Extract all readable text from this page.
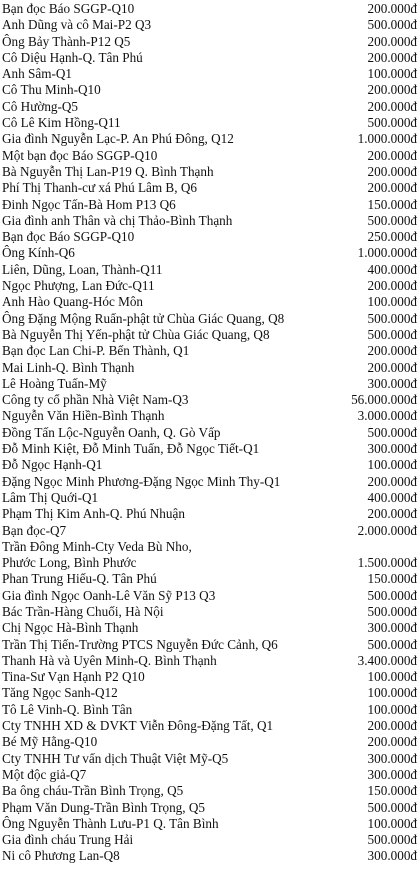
Bạn đọc Báo SGGP-Q10	200.000đ
Anh Dũng và cô Mai-P2 Q3	500.000đ
Ông Bảy Thành-P12 Q5	200.000đ
Cô Diệu Hạnh-Q. Tân Phú	200.000đ
Anh Sâm-Q1	100.000đ
Cô Thu Minh-Q10	200.000đ
Cô Hường-Q5	200.000đ
Cô Lê Kim Hồng-Q11	500.000đ
Gia đình Nguyễn Lạc-P. An Phú Đông, Q12	1.000.000đ
Một bạn đọc Báo SGGP-Q10	200.000đ
Bà Nguyễn Thị Lan-P19 Q. Bình Thạnh	200.000đ
Phí Thị Thanh-cư xá Phú Lâm B, Q6	200.000đ
Đinh Ngọc Tấn-Bà Hom P13 Q6	150.000đ
Gia đình anh Thân và chị Thảo-Bình Thạnh	500.000đ
Bạn đọc Báo SGGP-Q10	250.000đ
Ông Kính-Q6	1.000.000đ
Liên, Dũng, Loan, Thành-Q11	400.000đ
Ngọc Phượng, Lan Đức-Q11	200.000đ
Anh Hào Quang-Hóc Môn	100.000đ
Ông Đặng Mộng Ruẩn-phật tử Chùa Giác Quang, Q8	500.000đ
Bà Nguyễn Thị Yến-phật tử Chùa Giác Quang, Q8	500.000đ
Bạn đọc Lan Chi-P. Bến Thành, Q1	200.000đ
Mai Linh-Q. Bình Thạnh	200.000đ
Lê Hoàng Tuấn-Mỹ	300.000đ
Công ty cổ phần Nhà Việt Nam-Q3	56.000.000đ
Nguyễn Văn Hiền-Bình Thạnh	3.000.000đ
Đồng Tấn Lộc-Nguyễn Oanh, Q. Gò Vấp	500.000đ
Đỗ Minh Kiệt, Đỗ Minh Tuấn, Đỗ Ngọc Tiết-Q1	300.000đ
Đỗ Ngọc Hạnh-Q1	100.000đ
Đặng Ngọc Minh Phương-Đặng Ngọc Minh Thy-Q1	200.000đ
Lâm Thị Quới-Q1	400.000đ
Phạm Thị Kim Anh-Q. Phú Nhuận	200.000đ
Bạn đọc-Q7	2.000.000đ
Trần Đông Minh-Cty Veda Bù Nho,
Phước Long, Bình Phước	1.500.000đ
Phan Trung Hiếu-Q. Tân Phú	150.000đ
Gia đình Ngọc Oanh-Lê Văn Sỹ P13 Q3	500.000đ
Bác Trần-Hàng Chuối, Hà Nội	500.000đ
Chị Ngọc Hà-Bình Thạnh	300.000đ
Trần Thị Tiến-Trường PTCS Nguyễn Đức Cảnh, Q6	500.000đ
Thanh Hà và Uyên Minh-Q. Bình Thạnh	3.400.000đ
Tina-Sư Vạn Hạnh P2 Q10	100.000đ
Tăng Ngọc Sanh-Q12	100.000đ
Tô Lê Vinh-Q. Bình Tân	100.000đ
Cty TNHH XD & DVKT Viễn Đông-Đặng Tất, Q1	200.000đ
Bé Mỹ Hằng-Q10	200.000đ
Cty TNHH Tư vấn dịch Thuật Việt Mỹ-Q5	300.000đ
Một độc giả-Q7	300.000đ
Ba ông cháu-Trần Bình Trọng, Q5	150.000đ
Phạm Văn Dung-Trần Bình Trọng, Q5	500.000đ
Ông Nguyễn Thành Lưu-P1 Q. Tân Bình	100.000đ
Gia đình cháu Trung Hải	500.000đ
Ni cô Phương Lan-Q8	300.000đ
